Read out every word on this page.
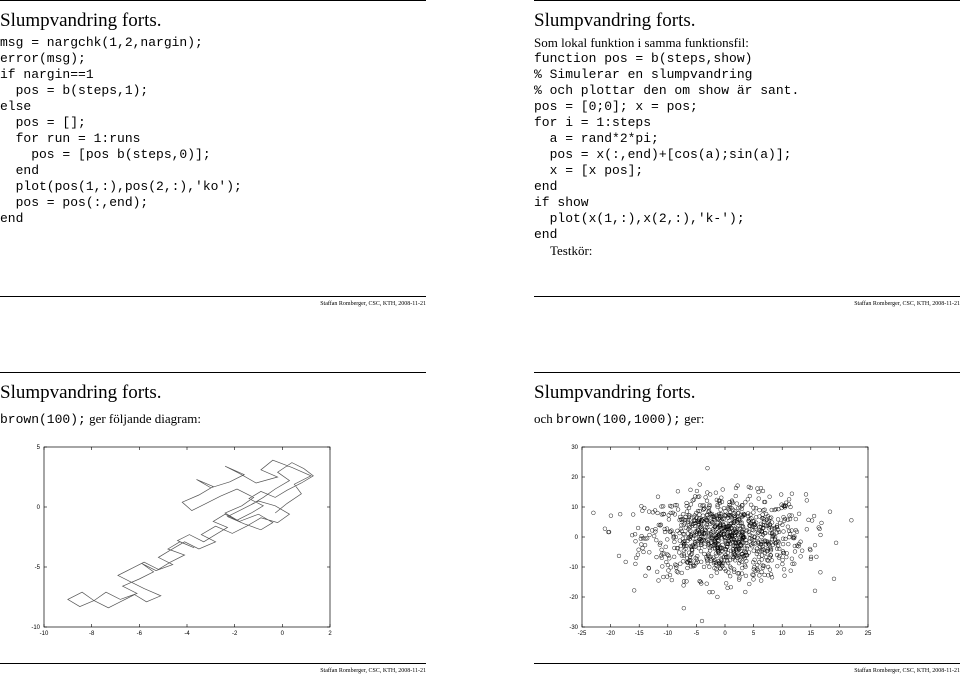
Slumpvandring forts.
msg = nargchk(1,2,nargin);
error(msg);
if nargin==1
pos = b(steps,1);
else
pos = [];
for run = 1:runs
pos = [pos b(steps,0)];
end
plot(pos(1,:),pos(2,:),'ko');
pos = pos(:,end);
end
Staffan Romberger, CSC, KTH, 2008-11-21
Slumpvandring forts.
Som lokal funktion i samma funktionsfil:
function pos = b(steps,show)
% Simulerar en slumpvandring
% och plottar den om show är sant.
pos = [0;0]; x = pos;
for i = 1:steps
a = rand*2*pi;
pos = x(:,end)+[cos(a);sin(a)];
x = [x pos];
end
if show
plot(x(1,:),x(2,:),'k-');
end
Testkör:
Staffan Romberger, CSC, KTH, 2008-11-21
Slumpvandring forts.
brown(100); ger följande diagram:
-10	-8	-6	-4	-2	0	2
5
0
-5
-10
Staffan Romberger, CSC, KTH, 2008-11-21
Slumpvandring forts.
och brown(100,1000); ger:
-25	-20	-15	-10	-5	0	5	10	15	20	25
30
20
10
0
-10
-20
-30
Staffan Romberger, CSC, KTH, 2008-11-21
